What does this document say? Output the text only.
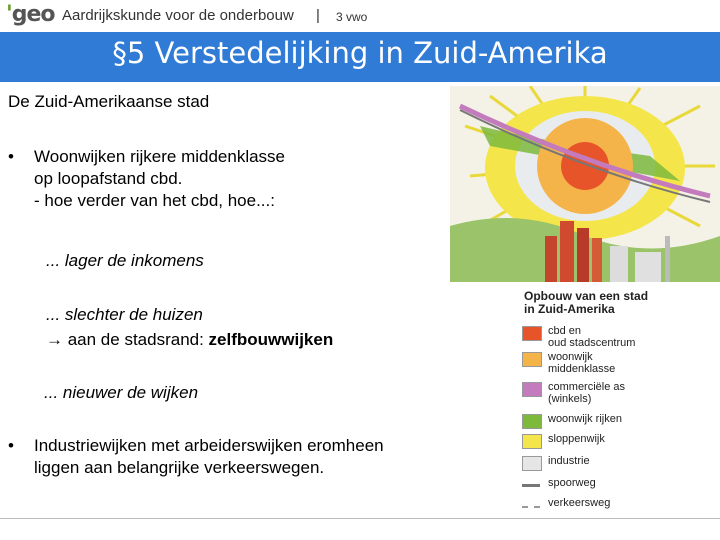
'geo Aardrijkskunde voor de onderbouw | 3 vwo
§5 Verstedelijking in Zuid-Amerika
De Zuid-Amerikaanse stad
• Woonwijken rijkere middenklasse
op loopafstand cbd.
- hoe verder van het cbd, hoe...:
... lager de inkomens
... slechter de huizen
→ aan de stadsrand: zelfbouwwijken
... nieuwer de wijken
• Industriewijken met arbeiderswijken eromheen
liggen aan belangrijke verkeerswegen.
Opbouw van een stad
in Zuid-Amerika
cbd en
oud stadscentrum
woonwijk
middenklasse
commerciële as
(winkels)
woonwijk rijken
sloppenwijk
industrie
spoorweg
verkeersweg
